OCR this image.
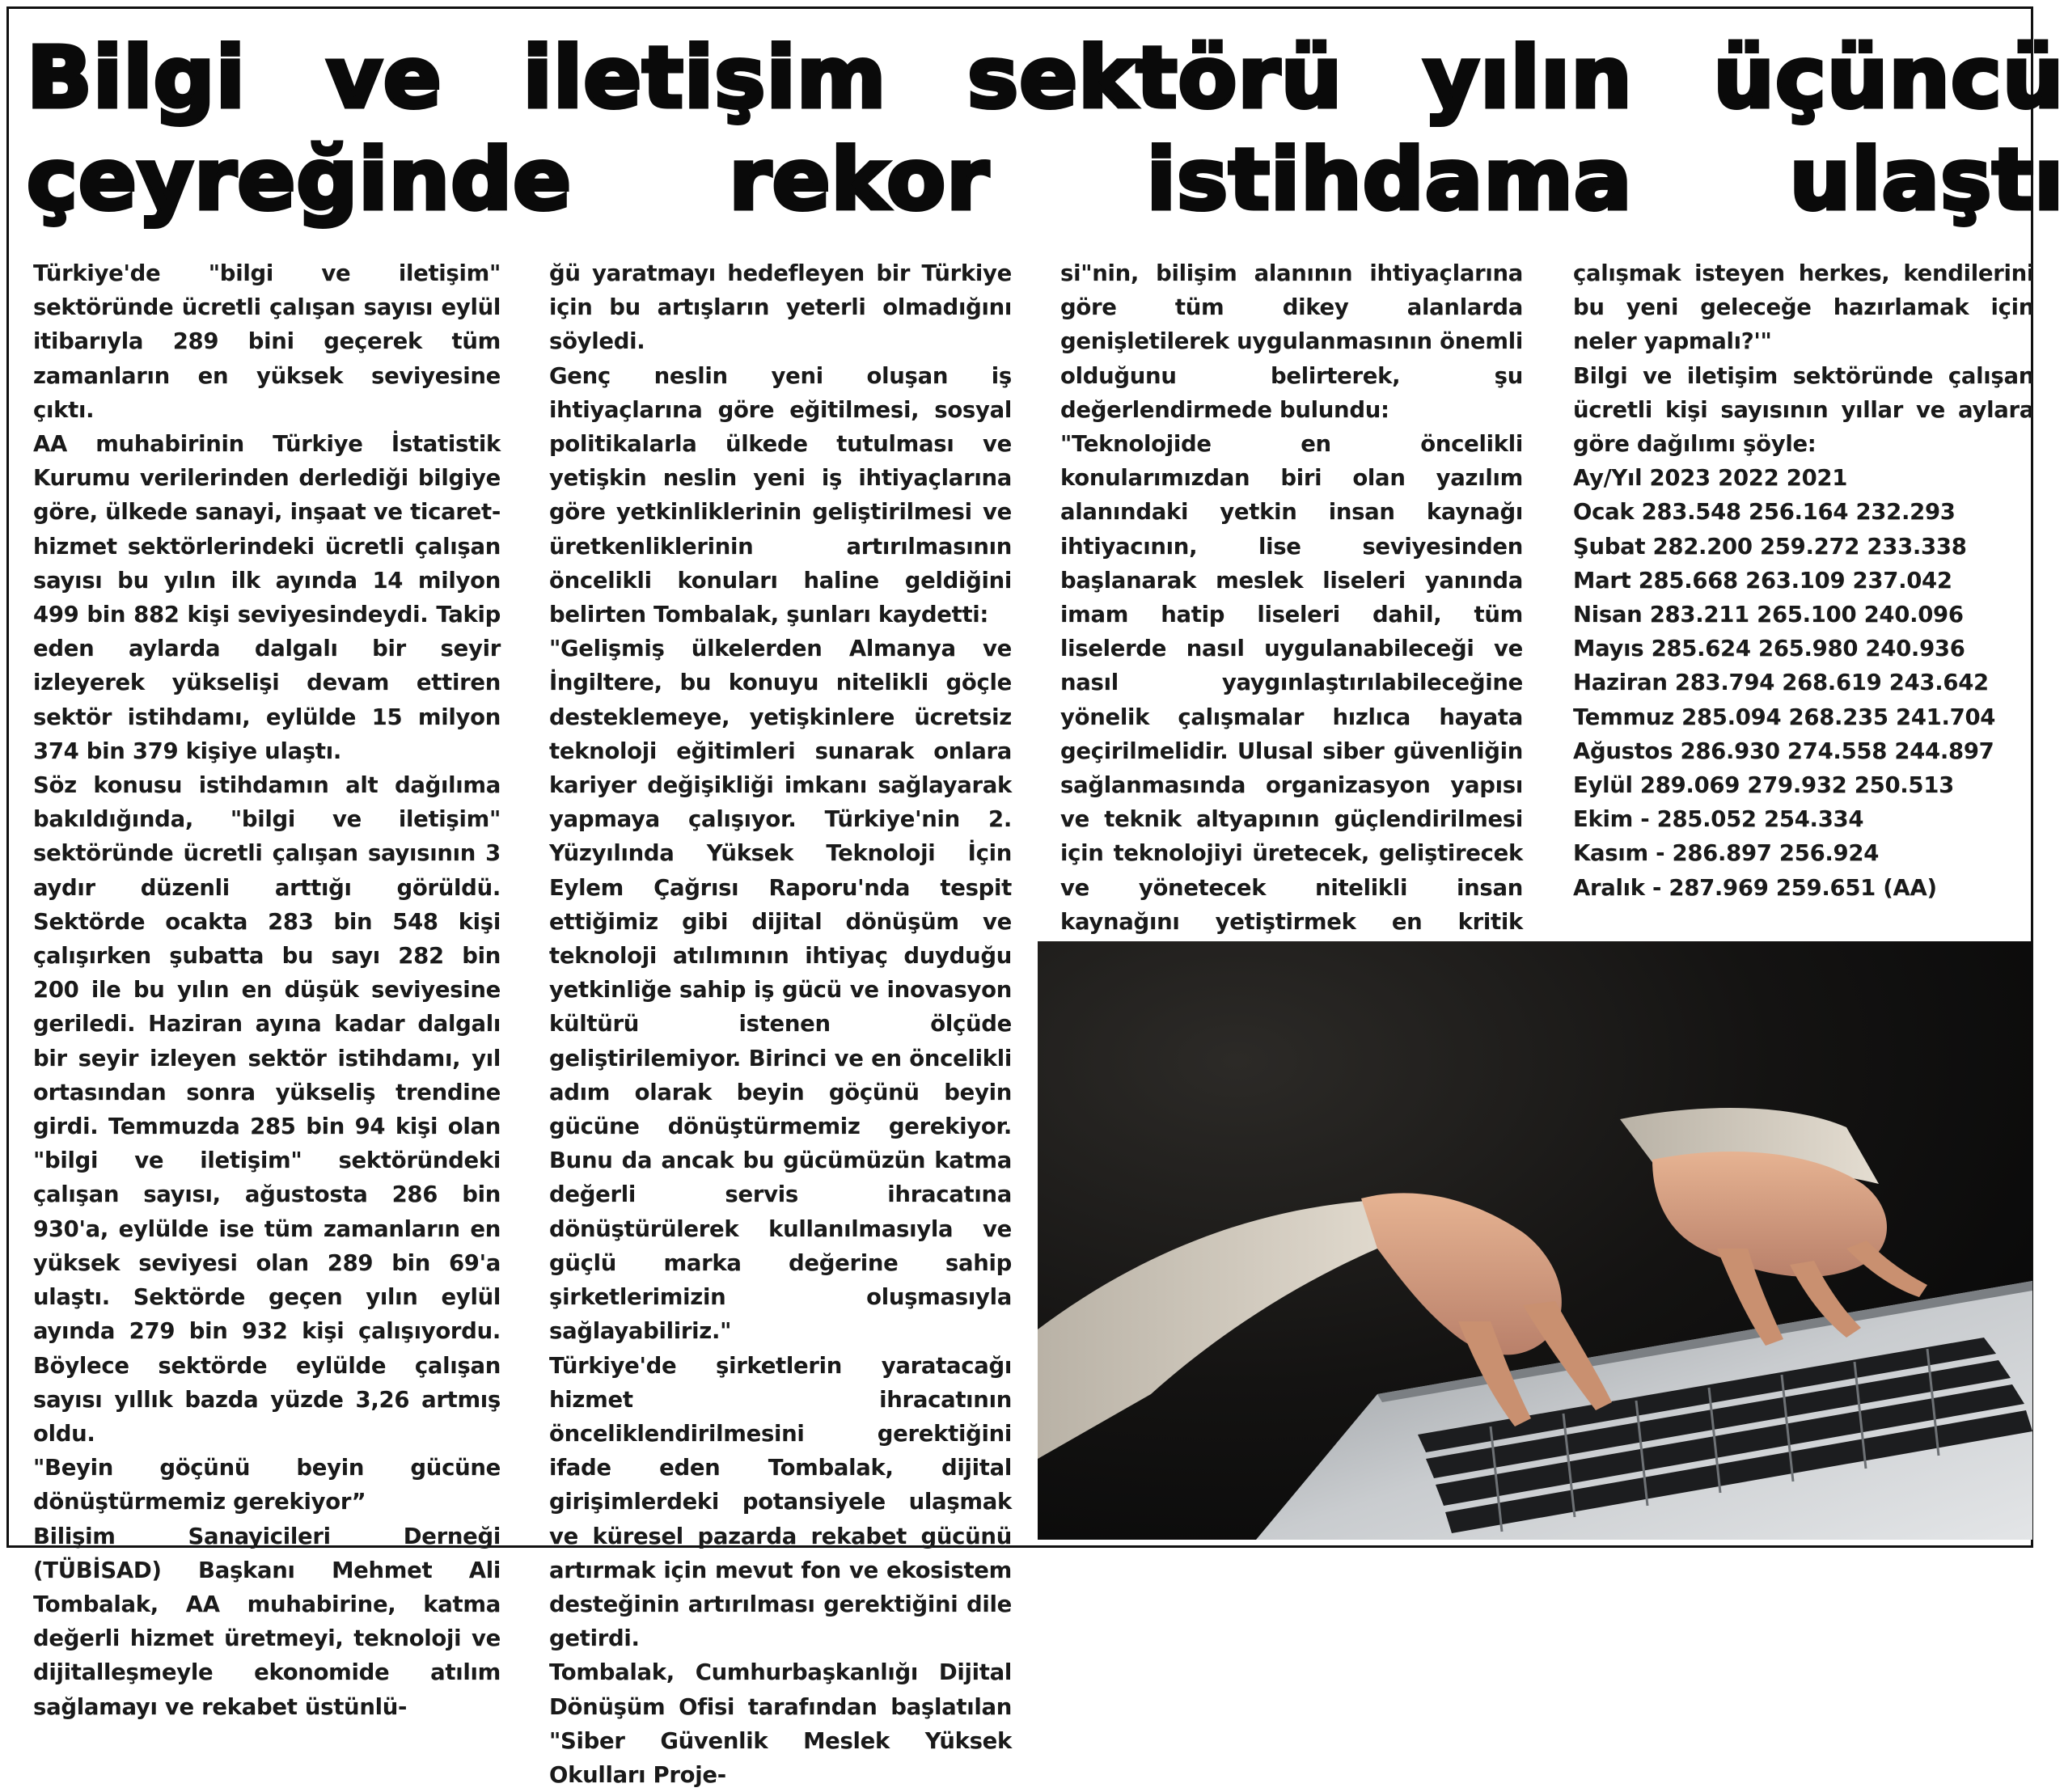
Bilgi ve iletişim sektörü yılın üçüncü
çeyreğinde rekor istihdama ulaştı

Türkiye'de "bilgi ve iletişim" sektöründe ücretli çalışan sayısı eylül itibarıyla 289 bini geçerek tüm zamanların en yüksek seviyesine çıktı.

AA muhabirinin Türkiye İstatistik Kurumu verilerinden derlediği bilgiye göre, ülkede sanayi, inşaat ve ticaret-hizmet sektörlerindeki ücretli çalışan sayısı bu yılın ilk ayında 14 milyon 499 bin 882 kişi seviyesindeydi. Takip eden aylarda dalgalı bir seyir izleyerek yükselişi devam ettiren sektör istihdamı, eylülde 15 milyon 374 bin 379 kişiye ulaştı.

Söz konusu istihdamın alt dağılıma bakıldığında, "bilgi ve iletişim" sektöründe ücretli çalışan sayısının 3 aydır düzenli arttığı görüldü. Sektörde ocakta 283 bin 548 kişi çalışırken şubatta bu sayı 282 bin 200 ile bu yılın en düşük seviyesine geriledi. Haziran ayına kadar dalgalı bir seyir izleyen sektör istihdamı, yıl ortasından sonra yükseliş trendine girdi. Temmuzda 285 bin 94 kişi olan "bilgi ve iletişim" sektöründeki çalışan sayısı, ağustosta 286 bin 930'a, eylülde ise tüm zamanların en yüksek seviyesi olan 289 bin 69'a ulaştı. Sektörde geçen yılın eylül ayında 279 bin 932 kişi çalışıyordu. Böylece sektörde eylülde çalışan sayısı yıllık bazda yüzde 3,26 artmış oldu.

"Beyin göçünü beyin gücüne dönüştürmemiz gerekiyor”

Bilişim Sanayicileri Derneği (TÜBİSAD) Başkanı Mehmet Ali Tombalak, AA muhabirine, katma değerli hizmet üretmeyi, teknoloji ve dijitalleşmeyle ekonomide atılım sağlamayı ve rekabet üstünlü-

ğü yaratmayı hedefleyen bir Türkiye için bu artışların yeterli olmadığını söyledi.

Genç neslin yeni oluşan iş ihtiyaçlarına göre eğitilmesi, sosyal politikalarla ülkede tutulması ve yetişkin neslin yeni iş ihtiyaçlarına göre yetkinliklerinin geliştirilmesi ve üretkenliklerinin artırılmasının öncelikli konuları haline geldiğini belirten Tombalak, şunları kaydetti:

"Gelişmiş ülkelerden Almanya ve İngiltere, bu konuyu nitelikli göçle desteklemeye, yetişkinlere ücretsiz teknoloji eğitimleri sunarak onlara kariyer değişikliği imkanı sağlayarak yapmaya çalışıyor. Türkiye'nin 2. Yüzyılında Yüksek Teknoloji İçin Eylem Çağrısı Raporu'nda tespit ettiğimiz gibi dijital dönüşüm ve teknoloji atılımının ihtiyaç duyduğu yetkinliğe sahip iş gücü ve inovasyon kültürü istenen ölçüde geliştirilemiyor. Birinci ve en öncelikli adım olarak beyin göçünü beyin gücüne dönüştürmemiz gerekiyor. Bunu da ancak bu gücümüzün katma değerli servis ihracatına dönüştürülerek kullanılmasıyla ve güçlü marka değerine sahip şirketlerimizin oluşmasıyla sağlayabiliriz."

Türkiye'de şirketlerin yaratacağı hizmet ihracatının önceliklendirilmesini gerektiğini ifade eden Tombalak, dijital girişimlerdeki potansiyele ulaşmak ve küresel pazarda rekabet gücünü artırmak için mevut fon ve ekosistem desteğinin artırılması gerektiğini dile getirdi.

Tombalak, Cumhurbaşkanlığı Dijital Dönüşüm Ofisi tarafından başlatılan "Siber Güvenlik Meslek Yüksek Okulları Proje-

si"nin, bilişim alanının ihtiyaçlarına göre tüm dikey alanlarda genişletilerek uygulanmasının önemli olduğunu belirterek, şu değerlendirmede bulundu:

"Teknolojide en öncelikli konularımızdan biri olan yazılım alanındaki yetkin insan kaynağı ihtiyacının, lise seviyesinden başlanarak meslek liseleri yanında imam hatip liseleri dahil, tüm liselerde nasıl uygulanabileceği ve nasıl yaygınlaştırılabileceğine yönelik çalışmalar hızlıca hayata geçirilmelidir. Ulusal siber güvenliğin sağlanmasında organizasyon yapısı ve teknik altyapının güçlendirilmesi için teknolojiyi üretecek, geliştirecek ve yönetecek nitelikli insan kaynağını yetiştirmek en kritik

çalışmak isteyen herkes, kendilerini bu yeni geleceğe hazırlamak için neler yapmalı?'"

Bilgi ve iletişim sektöründe çalışan ücretli kişi sayısının yıllar ve aylara göre dağılımı şöyle:

Ay/Yıl 2023 2022 2021

Ocak 283.548 256.164 232.293

Şubat 282.200 259.272 233.338

Mart 285.668 263.109 237.042

Nisan 283.211 265.100 240.096

Mayıs 285.624 265.980 240.936

Haziran 283.794 268.619 243.642

Temmuz 285.094 268.235 241.704

Ağustos 286.930 274.558 244.897

Eylül 289.069 279.932 250.513

Ekim - 285.052 254.334

Kasım - 286.897 256.924

Aralık - 287.969 259.651 (AA)
